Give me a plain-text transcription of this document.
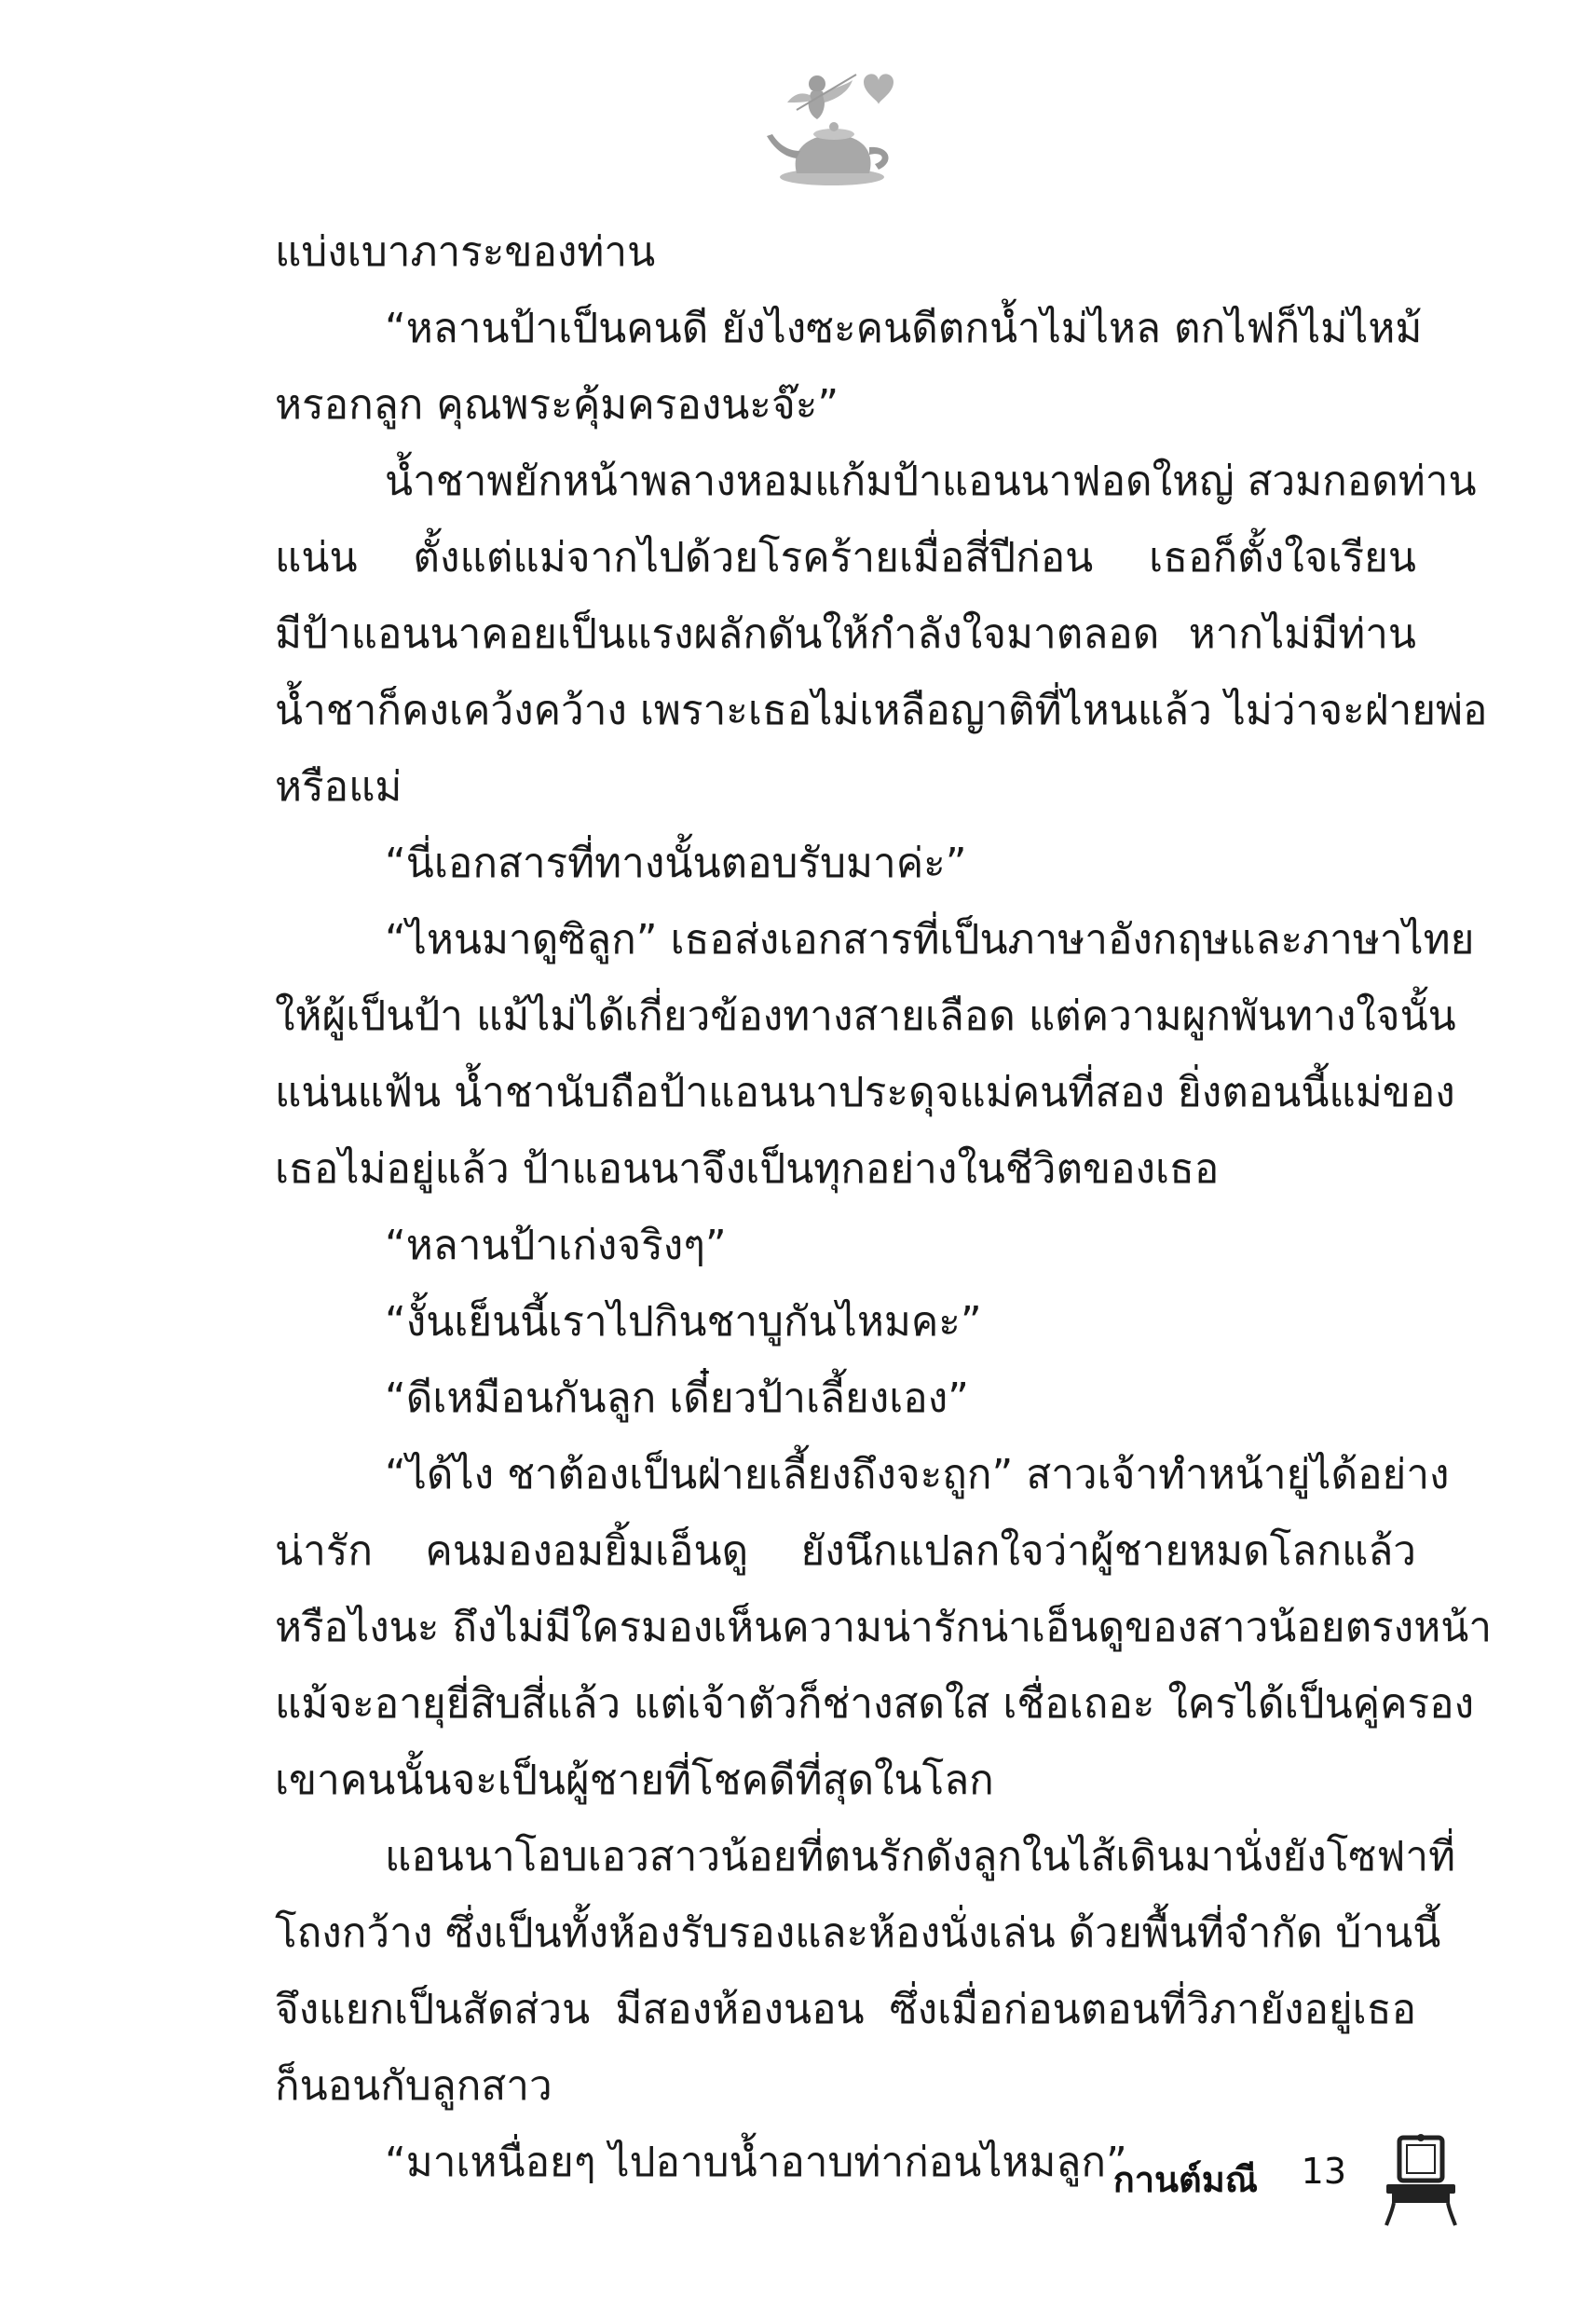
แบ่งเบาภาระของท่าน
“หลานป้าเป็นคนดี ยังไงซะคนดีตกน้ำไม่ไหล ตกไฟก็ไม่ไหม้
หรอกลูก คุณพระคุ้มครองนะจ๊ะ”
น้ำชาพยักหน้าพลางหอมแก้มป้าแอนนาฟอดใหญ่ สวมกอดท่าน
แน่น ตั้งแต่แม่จากไปด้วยโรคร้ายเมื่อสี่ปีก่อน เธอก็ตั้งใจเรียน
มีป้าแอนนาคอยเป็นแรงผลักดันให้กำลังใจมาตลอด หากไม่มีท่าน
น้ำชาก็คงเคว้งคว้าง เพราะเธอไม่เหลือญาติที่ไหนแล้ว ไม่ว่าจะฝ่ายพ่อ
หรือแม่
“นี่เอกสารที่ทางนั้นตอบรับมาค่ะ”
“ไหนมาดูซิลูก” เธอส่งเอกสารที่เป็นภาษาอังกฤษและภาษาไทย
ให้ผู้เป็นป้า แม้ไม่ได้เกี่ยวข้องทางสายเลือด แต่ความผูกพันทางใจนั้น
แน่นแฟ้น น้ำชานับถือป้าแอนนาประดุจแม่คนที่สอง ยิ่งตอนนี้แม่ของ
เธอไม่อยู่แล้ว ป้าแอนนาจึงเป็นทุกอย่างในชีวิตของเธอ
“หลานป้าเก่งจริงๆ”
“งั้นเย็นนี้เราไปกินชาบูกันไหมคะ”
“ดีเหมือนกันลูก เดี๋ยวป้าเลี้ยงเอง”
“ได้ไง ชาต้องเป็นฝ่ายเลี้ยงถึงจะถูก” สาวเจ้าทำหน้ายู่ได้อย่าง
น่ารัก คนมองอมยิ้มเอ็นดู ยังนึกแปลกใจว่าผู้ชายหมดโลกแล้ว
หรือไงนะ ถึงไม่มีใครมองเห็นความน่ารักน่าเอ็นดูของสาวน้อยตรงหน้า
แม้จะอายุยี่สิบสี่แล้ว แต่เจ้าตัวก็ช่างสดใส เชื่อเถอะ ใครได้เป็นคู่ครอง
เขาคนนั้นจะเป็นผู้ชายที่โชคดีที่สุดในโลก
แอนนาโอบเอวสาวน้อยที่ตนรักดังลูกในไส้เดินมานั่งยังโซฟาที่
โถงกว้าง ซึ่งเป็นทั้งห้องรับรองและห้องนั่งเล่น ด้วยพื้นที่จำกัด บ้านนี้
จึงแยกเป็นสัดส่วน มีสองห้องนอน ซึ่งเมื่อก่อนตอนที่วิภายังอยู่เธอ
ก็นอนกับลูกสาว
“มาเหนื่อยๆ ไปอาบน้ำอาบท่าก่อนไหมลูก”
กานต์มณี 13
